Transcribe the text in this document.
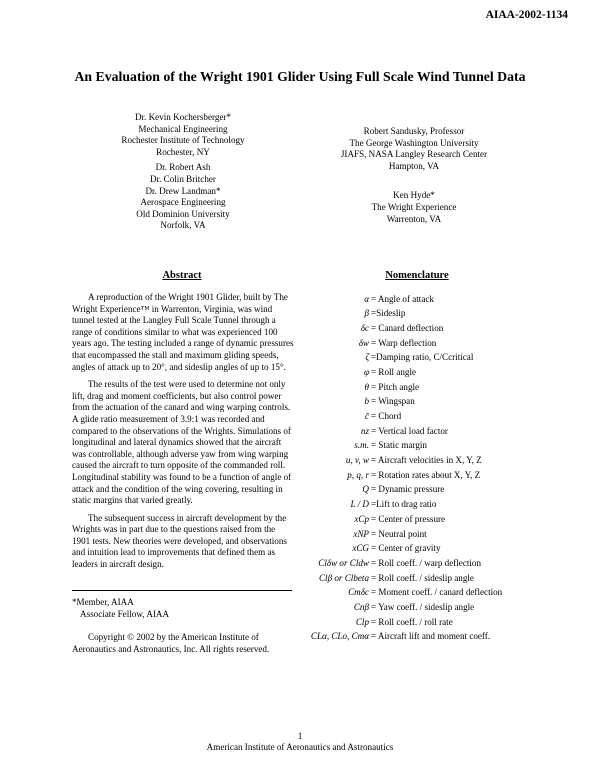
AIAA-2002-1134
An Evaluation of the Wright 1901 Glider Using Full Scale Wind Tunnel Data
Dr. Kevin Kochersberger*
Mechanical Engineering
Rochester Institute of Technology
Rochester, NY
Dr. Robert Ash
Dr. Colin Britcher
Dr. Drew Landman*
Aerospace Engineering
Old Dominion University
Norfolk, VA
Robert Sandusky, Professor
The George Washington University
JIAFS, NASA Langley Research Center
Hampton, VA
Ken Hyde*
The Wright Experience
Warrenton, VA
Abstract	Nomenclature

A reproduction of the Wright 1901 Glider, built by The Wright Experience™ in Warrenton, Virginia, was wind tunnel tested at the Langley Full Scale Tunnel through a range of conditions similar to what was experienced 100 years ago. The testing included a range of dynamic pressures that encompassed the stall and maximum gliding speeds, angles of attack up to 20°, and sideslip angles of up to 15°.

The results of the test were used to determine not only lift, drag and moment coefficients, but also control power from the actuation of the canard and wing warping controls. A glide ratio measurement of 3.9:1 was recorded and compared to the observations of the Wrights. Simulations of longitudinal and lateral dynamics showed that the aircraft was controllable, although adverse yaw from wing warping caused the aircraft to turn opposite of the commanded roll. Longitudinal stability was found to be a function of angle of attack and the condition of the wing covering, resulting in static margins that varied greatly.

The subsequent success in aircraft development by the Wrights was in part due to the questions raised from the 1901 tests. New theories were developed, and observations and intuition lead to improvements that defined them as leaders in aircraft design.

*Member, AIAA
Associate Fellow, AIAA

Copyright © 2002 by the American Institute of Aeronautics and Astronautics, Inc. All rights reserved.

α = Angle of attack
β =Sideslip
δc = Canard deflection
δw = Warp deflection
ζ =Damping ratio, C/Ccritical
φ = Roll angle
θ = Pitch angle
b = Wingspan
c̄ = Chord
nz = Vertical load factor
s.m. = Static margin
u, v, w = Aircraft velocities in X, Y, Z
p, q, r = Rotation rates about X, Y, Z
Q = Dynamic pressure
L / D =Lift to drag ratio
xCp = Center of pressure
xNP = Neutral point
xCG = Center of gravity
Clδw or Cldw = Roll coeff. / warp deflection
Clβ or Clbeta = Roll coeff. / sideslip angle
Cmδc = Moment coeff. / canard deflection
Cnβ = Yaw coeff. / sideslip angle
Clp = Roll coeff. / roll rate
CLα, CLo, Cmα = Aircraft lift and moment coeff.
1
American Institute of Aeronautics and Astronautics
